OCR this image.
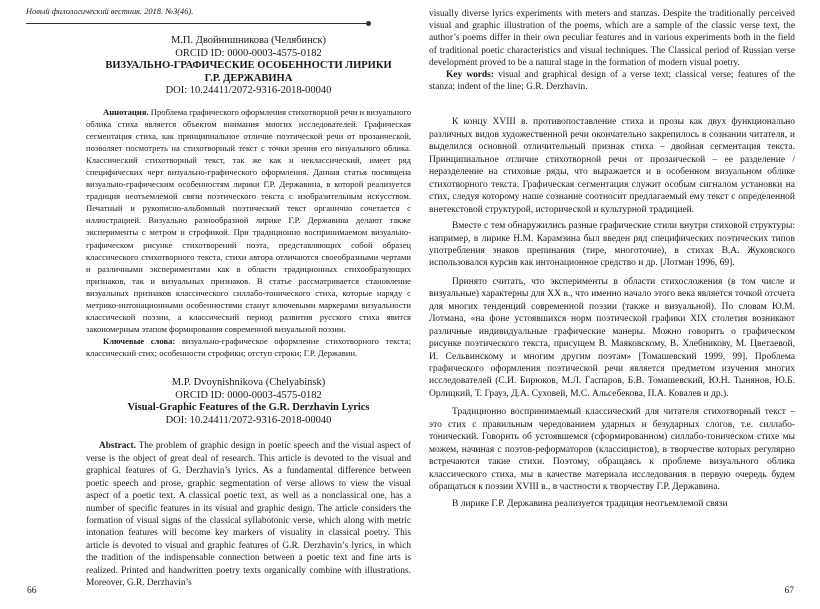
Новый филологический вестник. 2018. №3(46).
М.П. Двойнишникова (Челябинск)
ORCID ID: 0000-0003-4575-0182
ВИЗУАЛЬНО-ГРАФИЧЕСКИЕ ОСОБЕННОСТИ ЛИРИКИ
Г.Р. ДЕРЖАВИНА
DOI: 10.24411/2072-9316-2018-00040

Аннотация. Проблема графического оформления стихотворной речи и визуального облика стиха является объектом внимания многих исследователей. Графическая сегментация стиха, как принципиальное отличие поэтической речи от прозаической, позволяет посмотреть на стихотворный текст с точки зрения его визуального облика. Классический стихотворный текст, так же как и неклассический, имеет ряд специфических черт визуально-графического оформления. Данная статья посвящена визуально-графическим особенностям лирики Г.Р. Державина, в которой реализуется традиция неотъемлемой связи поэтического текста с изобразительным искусством. Печатный и рукописно-альбомный поэтический текст органично сочетается с иллюстрацией. Визуально разнообразной лирике Г.Р. Державина делают также эксперименты с метром и строфикой. При традиционно воспринимаемом визуально-графическом рисунке стихотворений поэта, представляющих собой образец классического стихотворного текста, стихи автора отличаются своеобразными чертами и различными экспериментами как в области традиционных стихообразующих признаков, так и визуальных признаков. В статье рассматривается становление визуальных признаков классического силлабо-тонического стиха, которые наряду с метрико-интонационными особенностями станут ключевыми маркерами визуальности классической поэзии, а классический период развития русского стиха явится закономерным этапом формирования современной визуальной поэзии.

Ключевые слова: визуально-графическое оформление стихотворного текста; классический стих; особенности строфики; отступ строки; Г.Р. Державин.

M.P. Dvoynishnikova (Chelyabinsk)
ORCID ID: 0000-0003-4575-0182
Visual-Graphic Features of the G.R. Derzhavin Lyrics
DOI: 10.24411/2072-9316-2018-00040

Abstract. The problem of graphic design in poetic speech and the visual aspect of verse is the object of great deal of research. This article is devoted to the visual and graphical features of G. Derzhavin’s lyrics. As a fundamental difference between poetic speech and prose, graphic segmentation of verse allows to view the visual aspect of a poetic text. A classical poetic text, as well as a nonclassical one, has a number of specific features in its visual and graphic design. The article considers the formation of visual signs of the classical syllabotonic verse, which along with metric intonation features will become key markers of visuality in classical poetry. This article is devoted to visual and graphic features of G.R. Derzhavin’s lyrics, in which the tradition of the indispensable connection between a poetic text and fine arts is realized. Printed and handwritten poetry texts organically combine with illustrations. Moreover, G.R. Derzhavin’s

visually diverse lyrics experiments with meters and stanzas. Despite the traditionally perceived visual and graphic illustration of the poems, which are a sample of the classic verse text, the author’s poems differ in their own peculiar features and in various experiments both in the field of traditional poetic characteristics and visual techniques. The Classical period of Russian verse development proved to be a natural stage in the formation of modern visual poetry.

Key words: visual and graphical design of a verse text; classical verse; features of the stanza; indent of the line; G.R. Derzhavin.

К концу XVIII в. противопоставление стиха и прозы как двух функционально различных видов художественной речи окончательно закрепилось в сознании читателя, и выделился основной отличительный признак стиха – двойная сегментация текста. Принципиальное отличие стихотворной речи от прозаической – ее разделение / неразделение на стиховые ряды, что выражается и в особенном визуальном облике стихотворного текста. Графическая сегментация служит особым сигналом установки на стих, следуя которому наше сознание соотносит предлагаемый ему текст с определенной внетекстовой структурой, исторической и культурной традицией.

Вместе с тем обнаружились разные графические стили внутри стиховой структуры: например, в лирике Н.М. Карамзина был введен ряд специфических поэтических типов употребления знаков препинания (тире, многоточие), в стихах В.А. Жуковского использовался курсив как интонационное средство и др. [Лотман 1996, 69].

Принято считать, что эксперименты в области стихосложения (в том числе и визуальные) характерны для ХХ в., что именно начало этого века является точкой отсчета для многих тенденций современной поэзии (также и визуальной). По словам Ю.М. Лотмана, «на фоне устоявшихся норм поэтической графики XIX столетия возникают различные индивидуальные графические манеры. Можно говорить о графическом рисунке поэтического текста, присущем В. Маяковскому, В. Хлебникову, М. Цветаевой, И. Сельвинскому и многим другим поэтам» [Томашевский 1999, 99]. Проблема графического оформления поэтической речи является предметом изучения многих исследователей (С.И. Бирюков, М.Л. Гаспаров, Б.В. Томашевский, Ю.Н. Тынянов, Ю.Б. Орлицкий, Т. Грауз, Д.А. Суховей, М.С. Альсебекова, П.А. Ковалев и др.).

Традиционно воспринимаемый классический для читателя стихотворный текст – это стих с правильным чередованием ударных и безударных слогов, т.е. силлабо-тонический. Говорить об устоявшемся (сформированном) силлабо-тоническом стихе мы можем, начиная с поэтов-реформаторов (классицистов), в творчестве которых регулярно встречаются такие стихи. Поэтому, обращаясь к проблеме визуального облика классического стиха, мы в качестве материала исследования в первую очередь будем обращаться к поэзии XVIII в., в частности к творчеству Г.Р. Державина.

В лирике Г.Р. Державина реализуется традиция неотъемлемой связи

66	67
